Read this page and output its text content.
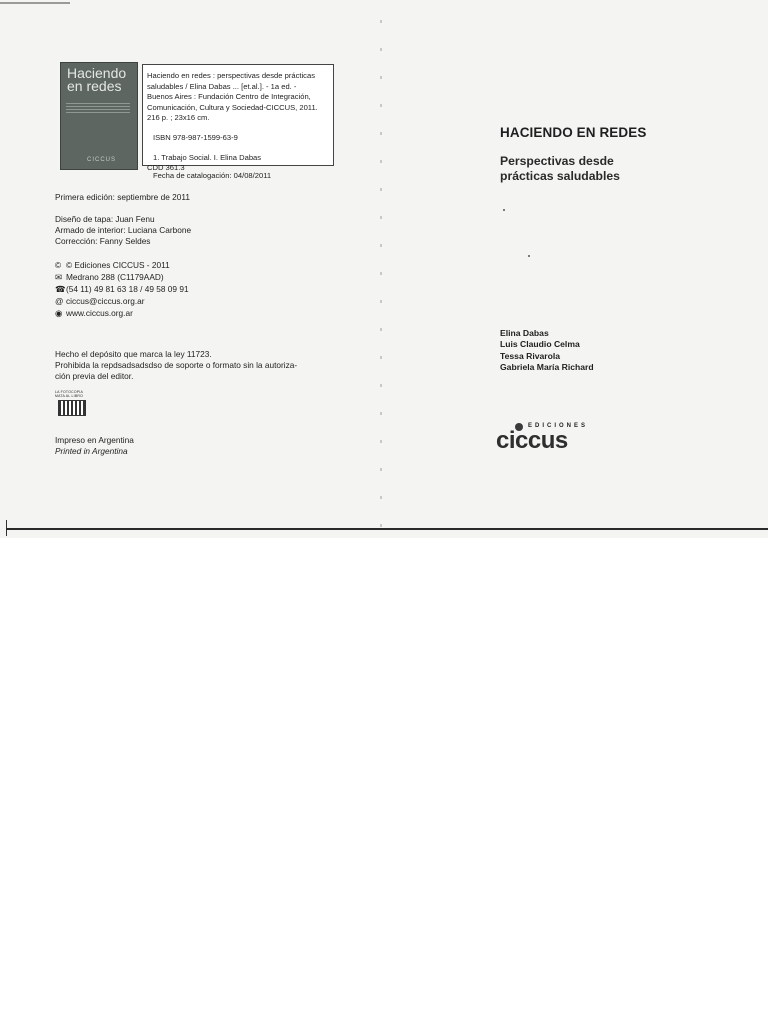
Haciendo
en redes
CICCUS

Haciendo en redes : perspectivas desde prácticas

saludables / Elina Dabas ... [et.al.]. - 1a ed. -

Buenos Aires : Fundación Centro de Integración,

Comunicación, Cultura y Sociedad-CICCUS, 2011.

216 p. ; 23x16 cm.

ISBN 978-987-1599-63-9

1. Trabajo Social. I. Elina Dabas

CDD 361.3

Fecha de catalogación: 04/08/2011
Primera edición: septiembre de 2011
Diseño de tapa: Juan Fenu
Armado de interior: Luciana Carbone
Corrección: Fanny Seldes
© © Ediciones CICCUS - 2011
✉ Medrano 288 (C1179AAD)
☎(54 11) 49 81 63 18 / 49 58 09 91
@ ciccus@ciccus.org.ar
◉ www.ciccus.org.ar
Hecho el depósito que marca la ley 11723.
Prohibida la repdsadsadsdso de soporte o formato sin la autoriza-
ción previa del editor.
LA FOTOCOPIA
MATA AL LIBRO
Impreso en Argentina
Printed in Argentina
HACIENDO EN REDES
Perspectivas desde
prácticas saludables
Elina Dabas
Luis Claudio Celma
Tessa Rivarola
Gabriela María Richard
EDICIONES
ciccus
